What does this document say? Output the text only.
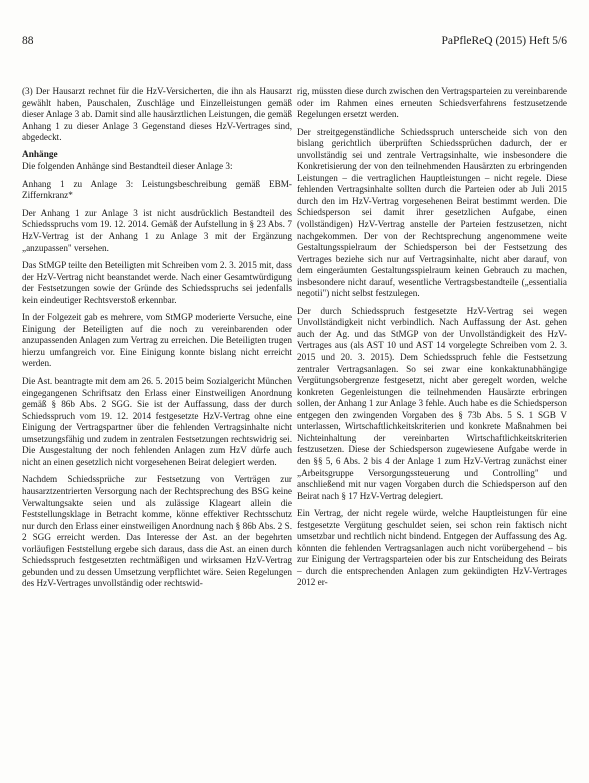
88	PaPfleReQ (2015) Heft 5/6

(3) Der Hausarzt rechnet für die HzV-Versicherten, die ihn als Hausarzt gewählt haben, Pauschalen, Zuschläge und Einzelleistungen gemäß dieser Anlage 3 ab. Damit sind alle hausärztlichen Leistungen, die gemäß Anhang 1 zu dieser Anlage 3 Gegenstand dieses HzV-Vertrages sind, abgedeckt.

Anhänge

Die folgenden Anhänge sind Bestandteil dieser Anlage 3:

Anhang 1 zu Anlage 3: Leistungsbeschreibung gemäß EBM-Ziffernkranz*

Der Anhang 1 zur Anlage 3 ist nicht ausdrücklich Bestandteil des Schiedsspruchs vom 19. 12. 2014. Gemäß der Aufstellung in § 23 Abs. 7 HzV-Vertrag ist der Anhang 1 zu Anlage 3 mit der Ergänzung „anzupassen" versehen.

Das StMGP teilte den Beteiligten mit Schreiben vom 2. 3. 2015 mit, dass der HzV-Vertrag nicht beanstandet werde. Nach einer Gesamtwürdigung der Festsetzungen sowie der Gründe des Schiedsspruchs sei jedenfalls kein eindeutiger Rechtsverstoß erkennbar.

In der Folgezeit gab es mehrere, vom StMGP moderierte Versuche, eine Einigung der Beteiligten auf die noch zu vereinbarenden oder anzupassenden Anlagen zum Vertrag zu erreichen. Die Beteiligten trugen hierzu umfangreich vor. Eine Einigung konnte bislang nicht erreicht werden.

Die Ast. beantragte mit dem am 26. 5. 2015 beim Sozialgericht München eingegangenen Schriftsatz den Erlass einer Einstweiligen Anordnung gemäß § 86b Abs. 2 SGG. Sie ist der Auffassung, dass der durch Schiedsspruch vom 19. 12. 2014 festgesetzte HzV-Vertrag ohne eine Einigung der Vertragspartner über die fehlenden Vertragsinhalte nicht umsetzungsfähig und zudem in zentralen Festsetzungen rechtswidrig sei. Die Ausgestaltung der noch fehlenden Anlagen zum HzV dürfe auch nicht an einen gesetzlich nicht vorgesehenen Beirat delegiert werden.

Nachdem Schiedssprüche zur Festsetzung von Verträgen zur hausarztzentrierten Versorgung nach der Rechtsprechung des BSG keine Verwaltungsakte seien und als zulässige Klageart allein die Feststellungsklage in Betracht komme, könne effektiver Rechtsschutz nur durch den Erlass einer einstweiligen Anordnung nach § 86b Abs. 2 S. 2 SGG erreicht werden. Das Interesse der Ast. an der begehrten vorläufigen Feststellung ergebe sich daraus, dass die Ast. an einen durch Schiedsspruch festgesetzten rechtmäßigen und wirksamen HzV-Vertrag gebunden und zu dessen Umsetzung verpflichtet wäre. Seien Regelungen des HzV-Vertrages unvollständig oder rechtswid-

rig, müssten diese durch zwischen den Vertragsparteien zu vereinbarende oder im Rahmen eines erneuten Schiedsverfahrens festzusetzende Regelungen ersetzt werden.

Der streitgegenständliche Schiedsspruch unterscheide sich von den bislang gerichtlich überprüften Schiedssprüchen dadurch, der er unvollständig sei und zentrale Vertragsinhalte, wie insbesondere die Konkretisierung der von den teilnehmenden Hausärzten zu erbringenden Leistungen – die vertraglichen Hauptleistungen – nicht regele. Diese fehlenden Vertragsinhalte sollten durch die Parteien oder ab Juli 2015 durch den im HzV-Vertrag vorgesehenen Beirat bestimmt werden. Die Schiedsperson sei damit ihrer gesetzlichen Aufgabe, einen (vollständigen) HzV-Vertrag anstelle der Parteien festzusetzen, nicht nachgekommen. Der von der Rechtsprechung angenommene weite Gestaltungsspielraum der Schiedsperson bei der Festsetzung des Vertrages beziehe sich nur auf Vertragsinhalte, nicht aber darauf, von dem eingeräumten Gestaltungsspielraum keinen Gebrauch zu machen, insbesondere nicht darauf, wesentliche Vertragsbestandteile („essentialia negotii") nicht selbst festzulegen.

Der durch Schiedsspruch festgesetzte HzV-Vertrag sei wegen Unvollständigkeit nicht verbindlich. Nach Auffassung der Ast. gehen auch der Ag. und das StMGP von der Unvollständigkeit des HzV-Vertrages aus (als AST 10 und AST 14 vorgelegte Schreiben vom 2. 3. 2015 und 20. 3. 2015). Dem Schiedsspruch fehle die Festsetzung zentraler Vertragsanlagen. So sei zwar eine konkaktunabhängige Vergütungsobergrenze festgesetzt, nicht aber geregelt worden, welche konkreten Gegenleistungen die teilnehmenden Hausärzte erbringen sollen, der Anhang 1 zur Anlage 3 fehle. Auch habe es die Schiedsperson entgegen den zwingenden Vorgaben des § 73b Abs. 5 S. 1 SGB V unterlassen, Wirtschaftlichkeitskriterien und konkrete Maßnahmen bei Nichteinhaltung der vereinbarten Wirtschaftlichkeitskriterien festzusetzen. Diese der Schiedsperson zugewiesene Aufgabe werde in den §§ 5, 6 Abs. 2 bis 4 der Anlage 1 zum HzV-Vertrag zunächst einer „Arbeitsgruppe Versorgungssteuerung und Controlling" und anschließend mit nur vagen Vorgaben durch die Schiedsperson auf den Beirat nach § 17 HzV-Vertrag delegiert.

Ein Vertrag, der nicht regele würde, welche Hauptleistungen für eine festgesetzte Vergütung geschuldet seien, sei schon rein faktisch nicht umsetzbar und rechtlich nicht bindend. Entgegen der Auffassung des Ag. könnten die fehlenden Vertragsanlagen auch nicht vorübergehend – bis zur Einigung der Vertragsparteien oder bis zur Entscheidung des Beirats – durch die entsprechenden Anlagen zum gekündigten HzV-Vertrages 2012 er-
